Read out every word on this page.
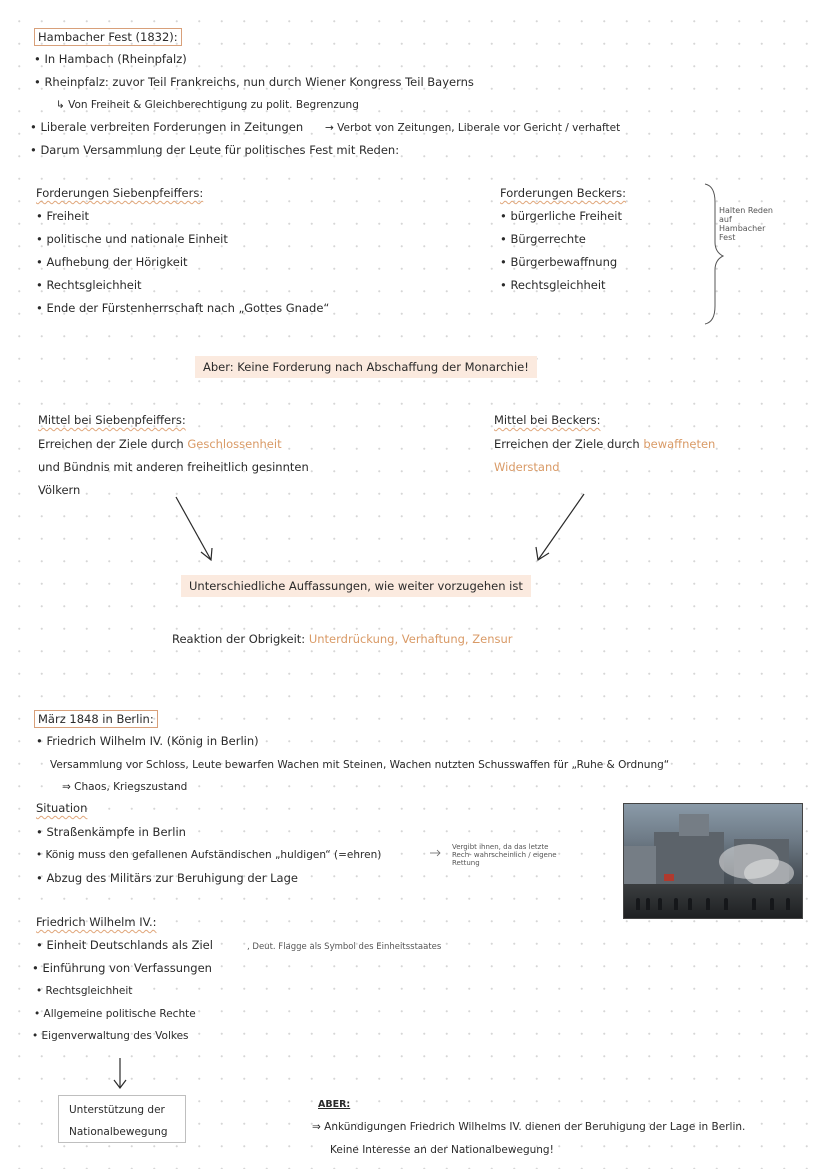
Hambacher Fest (1832):
• In Hambach (Rheinpfalz)
• Rheinpfalz: zuvor Teil Frankreichs, nun durch Wiener Kongress Teil Bayerns
↳ Von Freiheit & Gleichberechtigung zu polit. Begrenzung
• Liberale verbreiten Forderungen in Zeitungen → Verbot von Zeitungen, Liberale vor Gericht / verhaftet
• Darum Versammlung der Leute für politisches Fest mit Reden:
Forderungen Siebenpfeiffers:
• Freiheit
• politische und nationale Einheit
• Aufhebung der Hörigkeit
• Rechtsgleichheit
• Ende der Fürstenherrschaft nach „Gottes Gnade“
Forderungen Beckers:
• bürgerliche Freiheit
• Bürgerrechte
• Bürgerbewaffnung
• Rechtsgleichheit
Halten Reden auf Hambacher Fest
Aber: Keine Forderung nach Abschaffung der Monarchie!
Mittel bei Siebenpfeiffers:
Erreichen der Ziele durch Geschlossenheit
und Bündnis mit anderen freiheitlich gesinnten
Völkern
Mittel bei Beckers:
Erreichen der Ziele durch bewaffneten
Widerstand
Unterschiedliche Auffassungen, wie weiter vorzugehen ist
Reaktion der Obrigkeit: Unterdrückung, Verhaftung, Zensur
März 1848 in Berlin:
• Friedrich Wilhelm IV. (König in Berlin)
Versammlung vor Schloss, Leute bewarfen Wachen mit Steinen, Wachen nutzten Schusswaffen für „Ruhe & Ordnung“
⇒ Chaos, Kriegszustand
Situation
• Straßenkämpfe in Berlin
• König muss den gefallenen Aufständischen „huldigen“ (=ehren)
• Abzug des Militärs zur Beruhigung der Lage
Vergibt ihnen, da das letzte Rech- wahrscheinlich / eigene Rettung
Friedrich Wilhelm IV.:
• Einheit Deutschlands als Ziel	, Deut. Flagge als Symbol des Einheitsstaates
• Einführung von Verfassungen
• Rechtsgleichheit
• Allgemeine politische Rechte
• Eigenverwaltung des Volkes
Unterstützung der
Nationalbewegung
ABER:
⇒ Ankündigungen Friedrich Wilhelms IV. dienen der Beruhigung der Lage in Berlin.
Keine Interesse an der Nationalbewegung!
